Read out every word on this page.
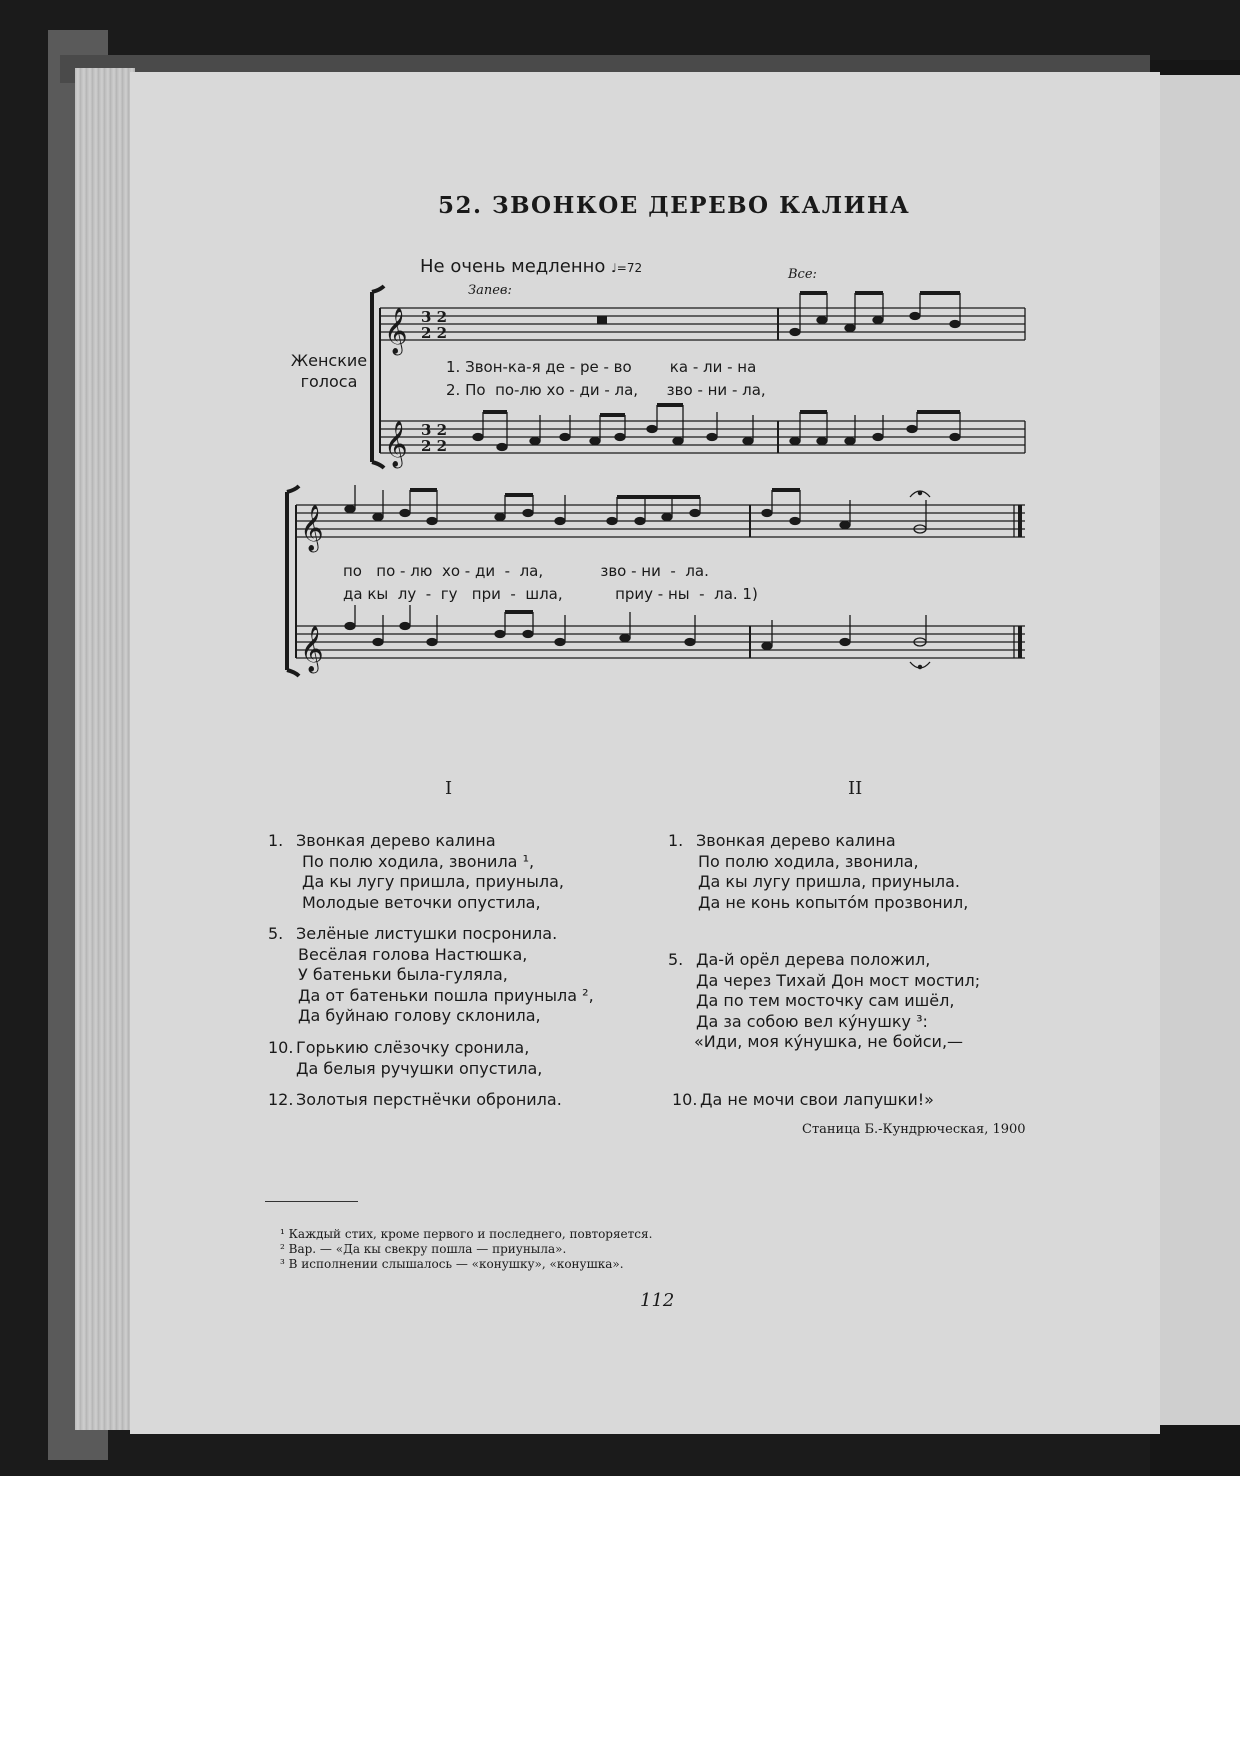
52. ЗВОНКОЕ ДЕРЕВО КАЛИНА
Не очень медленно ♩=72
Запев:
Все:
Женские голоса
𝄞
𝄞
𝄞
𝄞
3 2
2 2
3 2
2 2
1. Звон-ка-я де - ре - во        ка - ли - на
2. По  по-лю хо - ди - ла,      зво - ни - ла,
по   по - лю  хо - ди  -  ла,            зво - ни  -  ла.
да кы  лу  -  гу   при  -  шла,           приу - ны  -  ла. 1)
I	II
1. Звонкая дерево калина
По полю ходила, звонила ¹,
Да кы лугу пришла, приуныла,
Молодые веточки опустила,
5. Зелёные листушки посронила.
Весёлая голова Настюшка,
У батеньки была-гуляла,
Да от батеньки пошла приуныла ²,
Да буйнаю голову склонила,
10. Горькию слёзочку сронила,
Да белыя ручушки опустила,
12. Золотыя перстнёчки обронила.
1. Звонкая дерево калина
По полю ходила, звонила,
Да кы лугу пришла, приуныла.
Да не конь копытóм прозвонил,
5. Да-й орёл дерева положил,
Да через Тихай Дон мост мостил;
Да по тем мосточку сам ишёл,
Да за собою вел кýнушку ³:
«Иди, моя кýнушка, не бойси,—
10. Да не мочи свои лапушки!»
Станица Б.-Кундрюческая, 1900
¹ Каждый стих, кроме первого и последнего, повторяется.
² Вар. — «Да кы свекру пошла — приуныла».
³ В исполнении слышалось — «конушку», «конушка».
112
